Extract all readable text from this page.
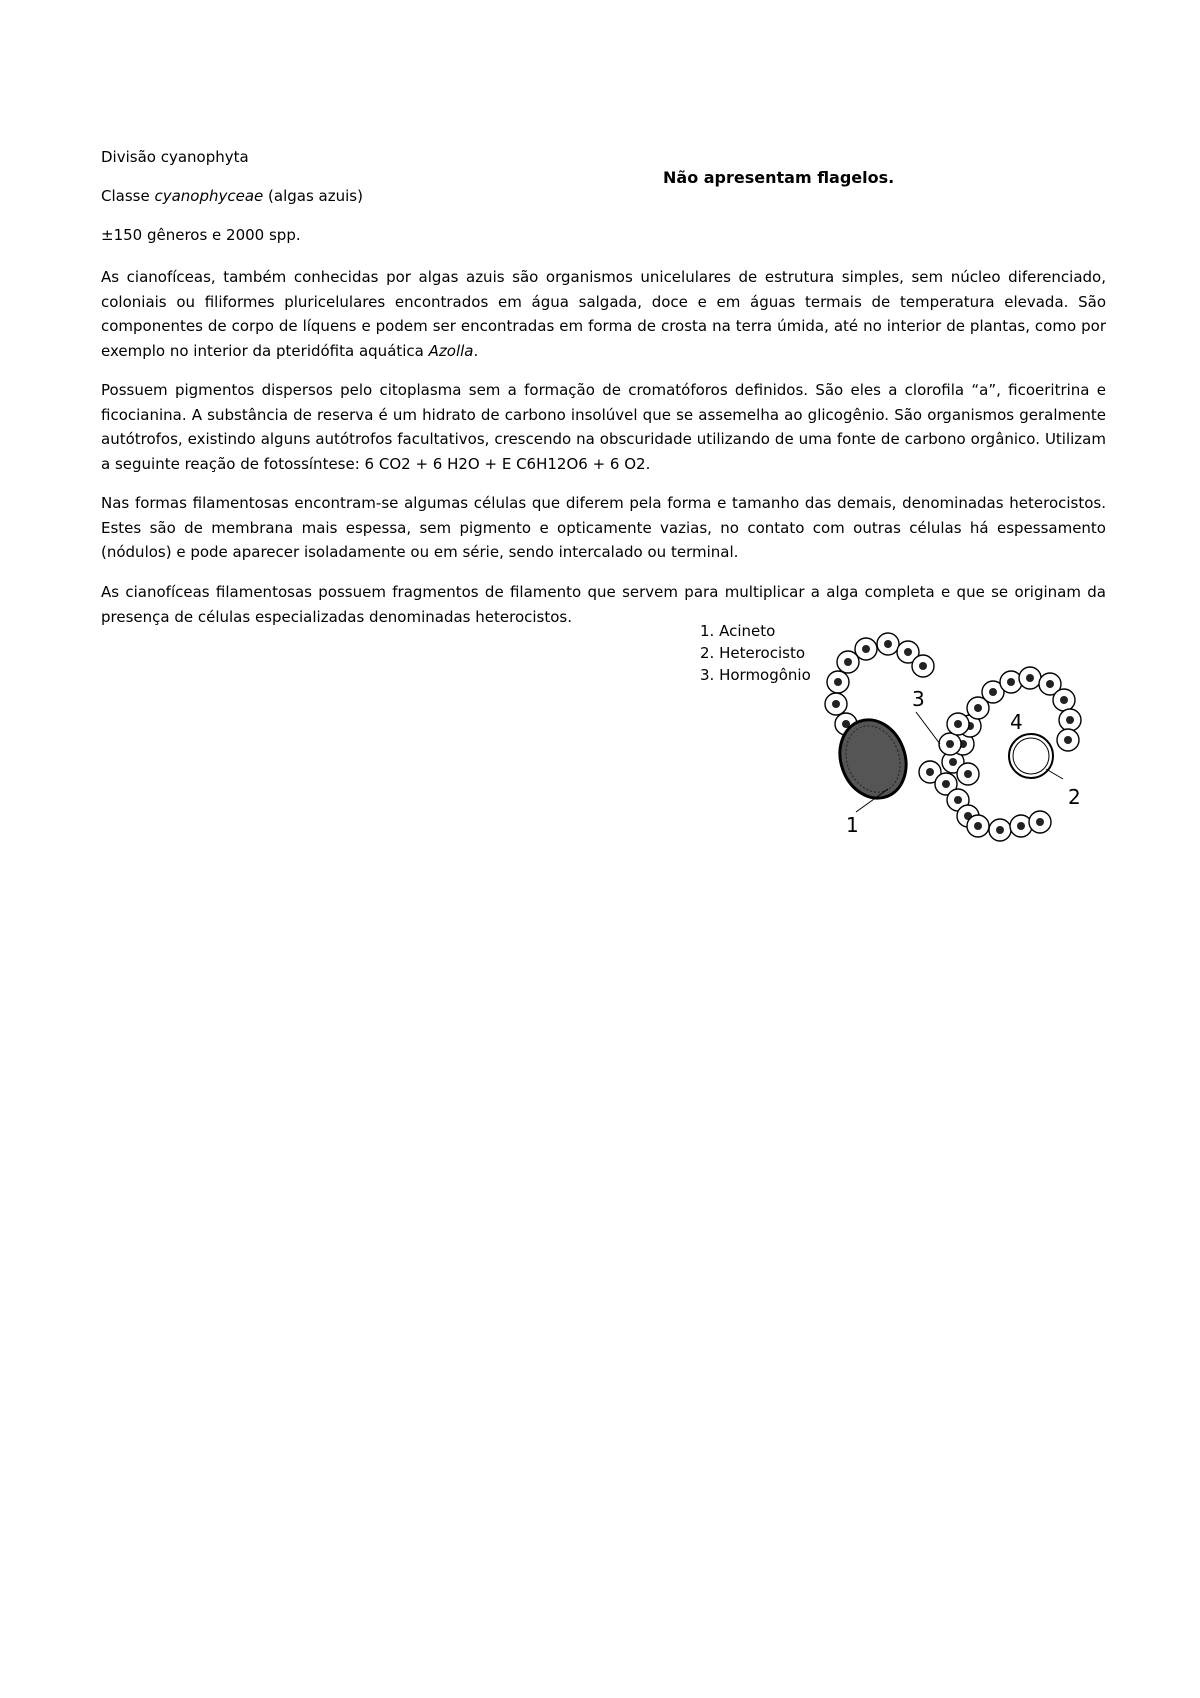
Divisão cyanophyta
Não apresentam flagelos.
Classe cyanophyceae (algas azuis)
±150 gêneros e 2000 spp.

As cianofíceas, também conhecidas por algas azuis são organismos unicelulares de estrutura simples, sem núcleo diferenciado, coloniais ou filiformes pluricelulares encontrados em água salgada, doce e em águas termais de temperatura elevada. São componentes de corpo de líquens e podem ser encontradas em forma de crosta na terra úmida, até no interior de plantas, como por exemplo no interior da pteridófita aquática Azolla.

Possuem pigmentos dispersos pelo citoplasma sem a formação de cromatóforos definidos. São eles a clorofila “a”, ficoeritrina e ficocianina. A substância de reserva é um hidrato de carbono insolúvel que se assemelha ao glicogênio. São organismos geralmente autótrofos, existindo alguns autótrofos facultativos, crescendo na obscuridade utilizando de uma fonte de carbono orgânico. Utilizam a seguinte reação de fotossíntese: 6 CO2 + 6 H2O + E C6H12O6 + 6 O2.

Nas formas filamentosas encontram-se algumas células que diferem pela forma e tamanho das demais, denominadas heterocistos. Estes são de membrana mais espessa, sem pigmento e opticamente vazias, no contato com outras células há espessamento (nódulos) e pode aparecer isoladamente ou em série, sendo intercalado ou terminal.

As cianofíceas filamentosas possuem fragmentos de filamento que servem para multiplicar a alga completa e que se originam da presença de células especializadas denominadas heterocistos.

1. Acineto
2. Heterocisto
3. Hormogônio
1
2
3
4
